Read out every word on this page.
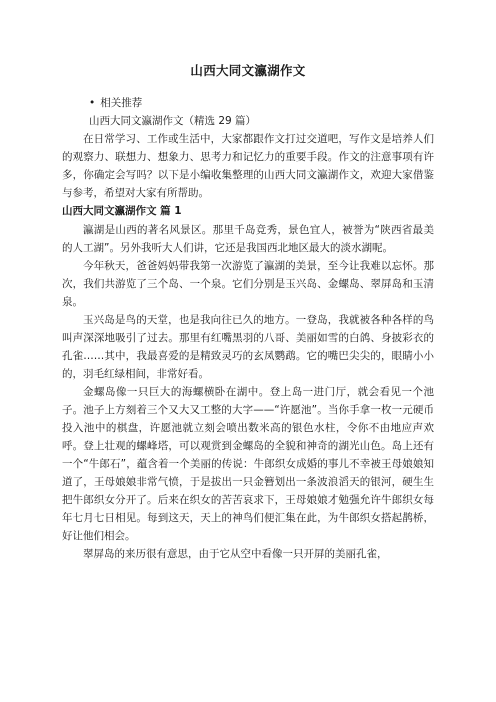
山西大同文瀛湖作文
• 相关推荐
山西大同文瀛湖作文（精选 29 篇）

在日常学习、工作或生活中，大家都跟作文打过交道吧，写作文是培养人们的观察力、联想力、想象力、思考力和记忆力的重要手段。作文的注意事项有许多，你确定会写吗？以下是小编收集整理的山西大同文瀛湖作文，欢迎大家借鉴与参考，希望对大家有所帮助。

山西大同文瀛湖作文 篇 1

瀛湖是山西的著名风景区。那里千岛竞秀，景色宜人，被誉为“陕西省最美的人工湖”。另外我听大人们讲，它还是我国西北地区最大的淡水湖呢。

今年秋天，爸爸妈妈带我第一次游览了瀛湖的美景，至今让我难以忘怀。那次，我们共游览了三个岛、一个泉。它们分别是玉兴岛、金螺岛、翠屏岛和玉清泉。

玉兴岛是鸟的天堂，也是我向往已久的地方。一登岛，我就被各种各样的鸟叫声深深地吸引了过去。那里有红嘴黑羽的八哥、美丽如雪的白鸽、身披彩衣的孔雀……其中，我最喜爱的是精致灵巧的玄凤鹦鹉。它的嘴巴尖尖的，眼睛小小的，羽毛红绿相间，非常好看。

金螺岛像一只巨大的海螺横卧在湖中。登上岛一进门厅，就会看见一个池子。池子上方刻着三个又大又工整的大字——“许愿池”。当你手拿一枚一元硬币投入池中的棋盘，许愿池就立刻会喷出数米高的银色水柱，令你不由地应声欢呼。登上壮观的螺峰塔，可以观赏到金螺岛的全貌和神奇的湖光山色。岛上还有一个“牛郎石”，蕴含着一个美丽的传说：牛郎织女成婚的事儿不幸被王母娘娘知道了，王母娘娘非常气愤，于是拔出一只金簪划出一条波浪滔天的银河，硬生生把牛郎织女分开了。后来在织女的苦苦哀求下，王母娘娘才勉强允许牛郎织女每年七月七日相见。每到这天，天上的神鸟们便汇集在此，为牛郎织女搭起鹊桥，好让他们相会。

翠屏岛的来历很有意思，由于它从空中看像一只开屏的美丽孔雀，
